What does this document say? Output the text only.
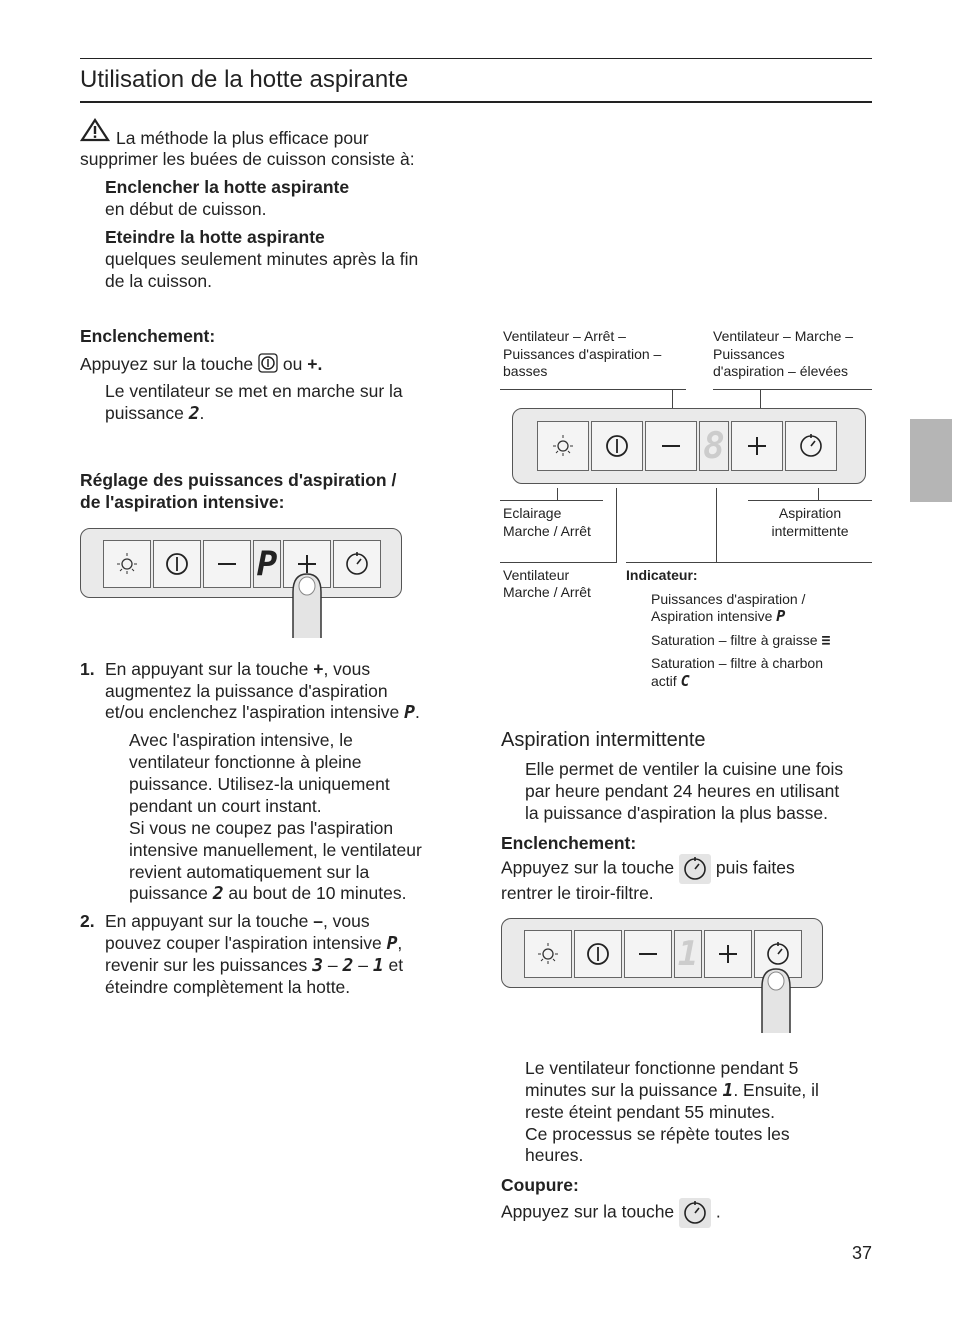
Utilisation de la hotte aspirante
La méthode la plus efficace pour
supprimer les buées de cuisson consiste à:
Enclencher la hotte aspirante
en début de cuisson.
Eteindre la hotte aspirante
quelques seulement minutes après la fin
de la cuisson.
Enclenchement:
Appuyez sur la touche ou +.
Le ventilateur se met en marche sur la
puissance 2.
Réglage des puissances d'aspiration /
de l'aspiration intensive:
P
1. En appuyant sur la touche +, vous
augmentez la puissance d'aspiration
et/ou enclenchez l'aspiration intensive P.
Avec l'aspiration intensive, le
ventilateur fonctionne à pleine
puissance. Utilisez-la uniquement
pendant un court instant.
Si vous ne coupez pas l'aspiration
intensive manuellement, le ventilateur
revient automatiquement sur la
puissance 2 au bout de 10 minutes.
2. En appuyant sur la touche –, vous
pouvez couper l'aspiration intensive P,
revenir sur les puissances 3 – 2 – 1 et
éteindre complètement la hotte.
Ventilateur – Arrêt –
Puissances d'aspiration –
basses
Ventilateur – Marche –
Puissances
d'aspiration – élevées
8
Eclairage
Marche / Arrêt
Aspiration
intermittente
Ventilateur
Marche / Arrêt
Indicateur:
Puissances d'aspiration /
Aspiration intensive P
Saturation – filtre à graisse ≡
Saturation – filtre à charbon
actif C
Aspiration intermittente
Elle permet de ventiler la cuisine une fois
par heure pendant 24 heures en utilisant
la puissance d'aspiration la plus basse.
Enclenchement:
Appuyez sur la touche puis faites
rentrer le tiroir-filtre.
1
Le ventilateur fonctionne pendant 5
minutes sur la puissance 1. Ensuite, il
reste éteint pendant 55 minutes.
Ce processus se répète toutes les
heures.
Coupure:
Appuyez sur la touche .
37
